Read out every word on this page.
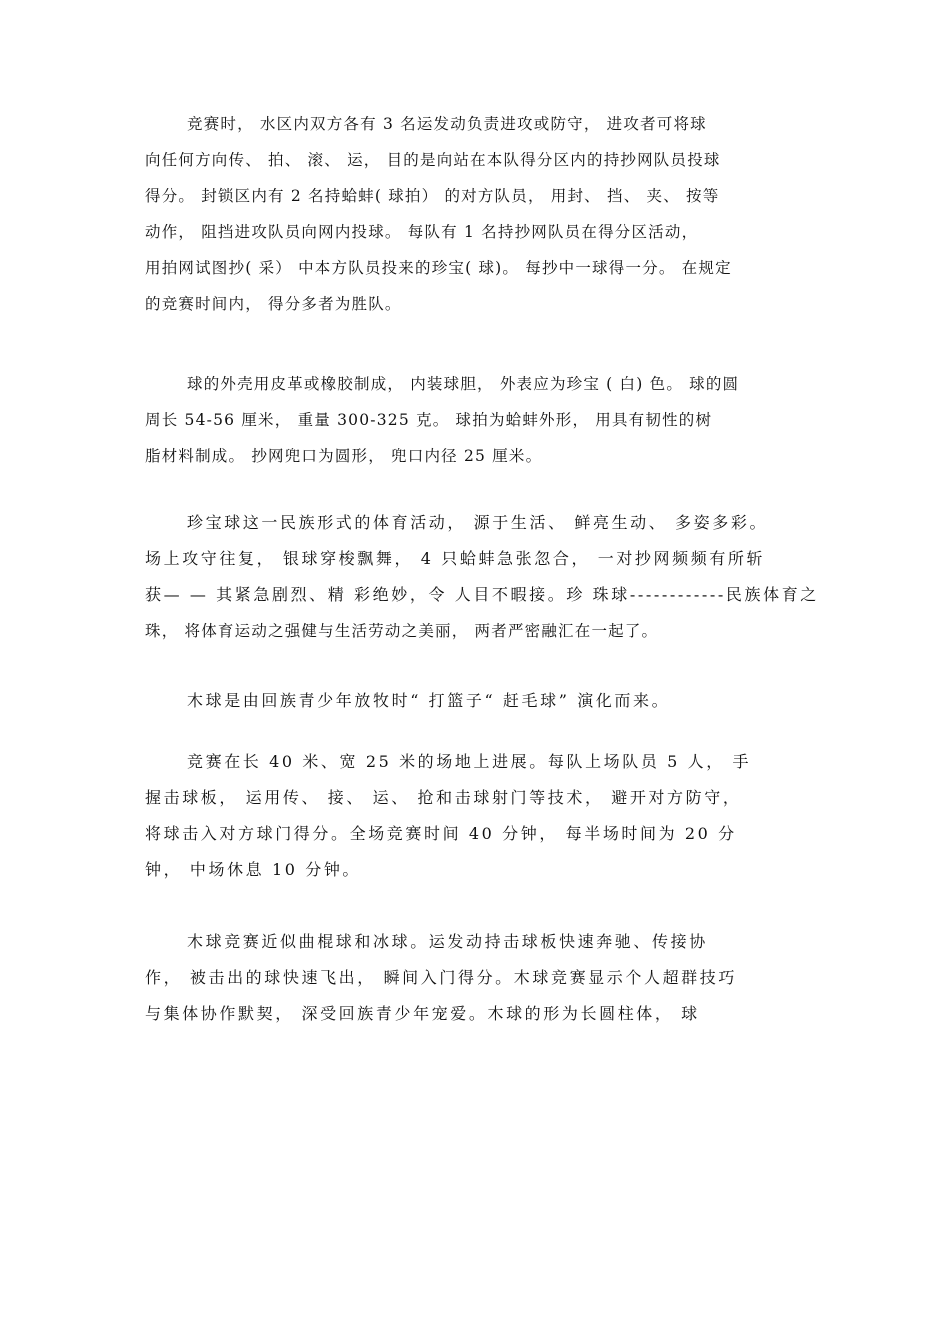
竞赛时， 水区内双方各有 3 名运发动负责进攻或防守， 进攻者可将球
向任何方向传、 拍、 滚、 运， 目的是向站在本队得分区内的持抄网队员投球
得分。 封锁区内有 2 名持蛤蚌( 球拍） 的对方队员， 用封、 挡、 夹、 按等
动作， 阻挡进攻队员向网内投球。 每队有 1 名持抄网队员在得分区活动，
用拍网试图抄( 采） 中本方队员投来的珍宝( 球)。 每抄中一球得一分。 在规定
的竞赛时间内， 得分多者为胜队。
球的外壳用皮革或橡胶制成， 内装球胆， 外表应为珍宝 ( 白) 色。 球的圆
周长 54-56 厘米， 重量 300-325 克。 球拍为蛤蚌外形， 用具有韧性的树
脂材料制成。 抄网兜口为圆形， 兜口内径 25 厘米。
珍宝球这一民族形式的体育活动， 源于生活、 鲜亮生动、 多姿多彩。
场上攻守往复， 银球穿梭飘舞， 4 只蛤蚌急张忽合， 一对抄网频频有所斩
获— — 其紧急剧烈、精 彩绝妙，令 人目不暇接。珍 珠球------------民族体育之
珠， 将体育运动之强健与生活劳动之美丽， 两者严密融汇在一起了。
木球是由回族青少年放牧时“ 打篮子“ 赶毛球” 演化而来。
竞赛在长 40 米、宽 25 米的场地上进展。每队上场队员 5 人， 手
握击球板， 运用传、 接、 运、 抢和击球射门等技术， 避开对方防守，
将球击入对方球门得分。全场竞赛时间 40 分钟， 每半场时间为 20 分
钟， 中场休息 10 分钟。
木球竞赛近似曲棍球和冰球。运发动持击球板快速奔驰、传接协
作， 被击出的球快速飞出， 瞬间入门得分。木球竞赛显示个人超群技巧
与集体协作默契， 深受回族青少年宠爱。木球的形为长圆柱体， 球
